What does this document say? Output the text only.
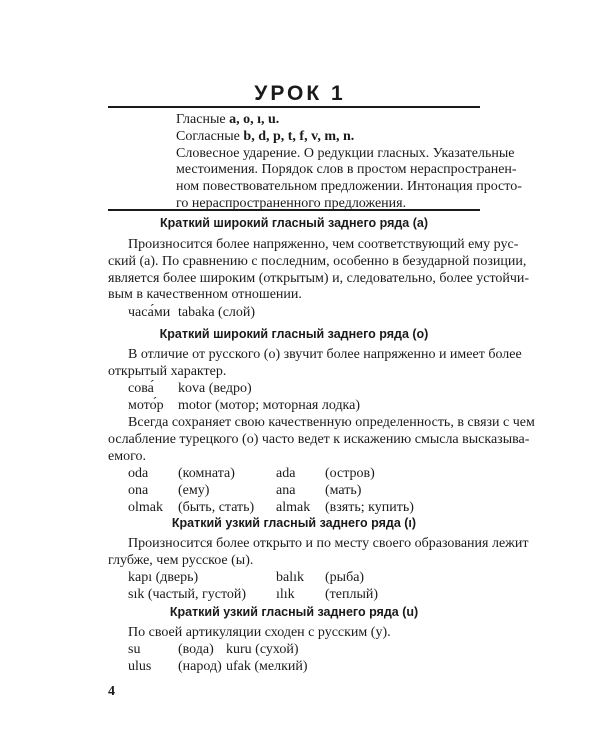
УРОК 1
Гласные a, o, ı, u.
Согласные b, d, p, t, f, v, m, n.
Словесное ударение. О редукции гласных. Указательные
местоимения. Порядок слов в простом нераспространен-
ном повествовательном предложении. Интонация просто-
го нераспространенного предложения.
Краткий широкий гласный заднего ряда (a)
Произносится более напряженно, чем соответствующий ему рус-
ский (а). По сравнению с последним, особенно в безударной позиции,
является более широким (открытым) и, следовательно, более устойчи-
вым в качественном отношении.
часа́ми tabaka (слой)
Краткий широкий гласный заднего ряда (o)
В отличие от русского (о) звучит более напряженно и имеет более
открытый характер.
сова́ kova (ведро)
мото́р motor (мотор; моторная лодка)
Всегда сохраняет свою качественную определенность, в связи с чем
ослабление турецкого (o) часто ведет к искажению смысла высказыва-
емого.
oda (комната)	ada (остров)
ona (ему)	ana (мать)
olmak (быть, стать) almak (взять; купить)
Краткий узкий гласный заднего ряда (ı)
Произносится более открыто и по месту своего образования лежит
глубже, чем русское (ы).
kapı (дверь)	balık (рыба)
sık (частый, густой) ılık (теплый)
Краткий узкий гласный заднего ряда (u)
По своей артикуляции сходен с русским (у).
su	(вода) kuru (сухой)
ulus (народ) ufak (мелкий)
4
